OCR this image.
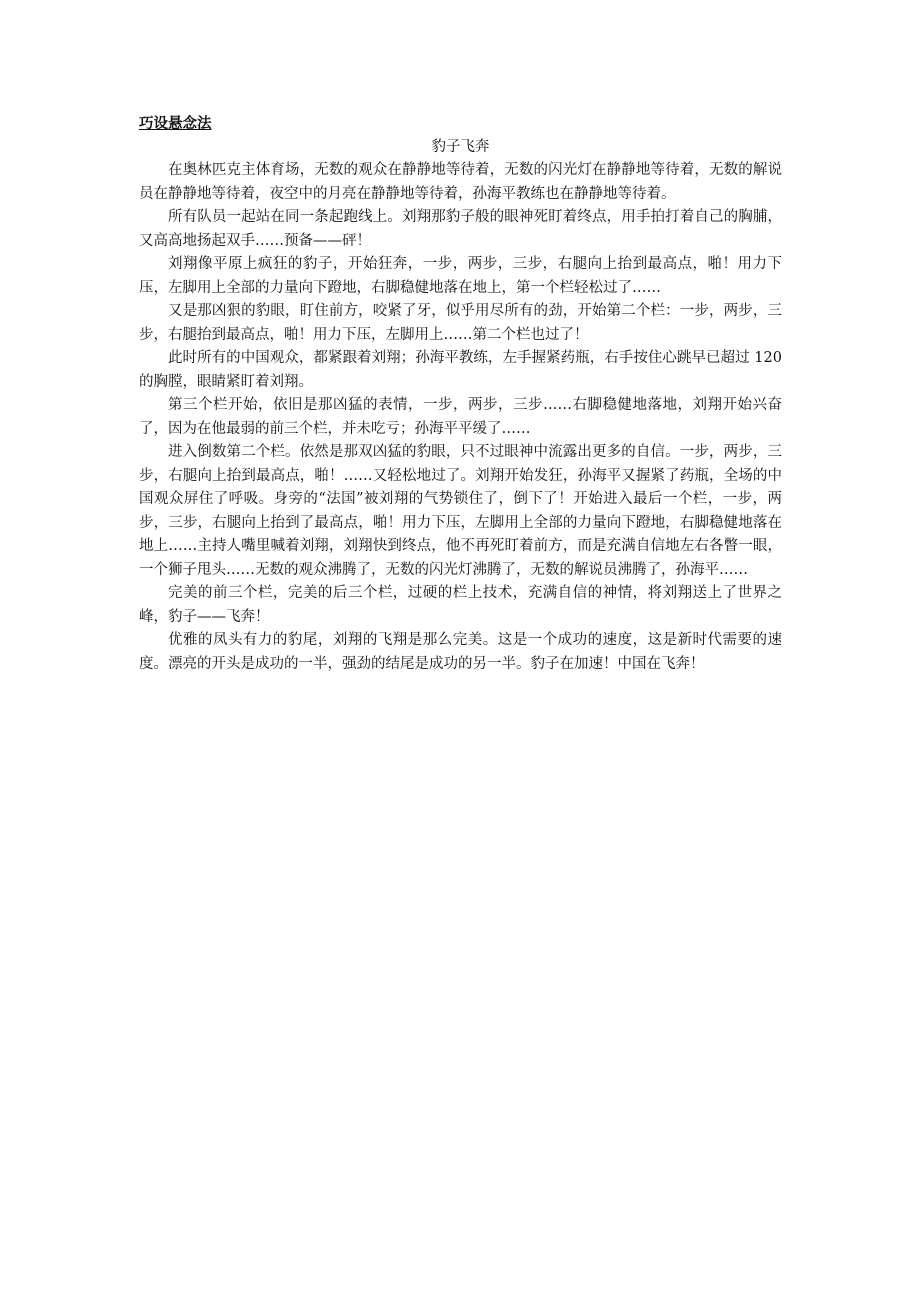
巧设悬念法

豹子飞奔

在奥林匹克主体育场，无数的观众在静静地等待着，无数的闪光灯在静静地等待着，无数的解说员在静静地等待着，夜空中的月亮在静静地等待着，孙海平教练也在静静地等待着。

所有队员一起站在同一条起跑线上。刘翔那豹子般的眼神死盯着终点，用手拍打着自己的胸脯，又高高地扬起双手……预备——砰！

刘翔像平原上疯狂的豹子，开始狂奔，一步，两步，三步，右腿向上抬到最高点，啪！用力下压，左脚用上全部的力量向下蹬地，右脚稳健地落在地上，第一个栏轻松过了……

又是那凶狠的豹眼，盯住前方，咬紧了牙，似乎用尽所有的劲，开始第二个栏：一步，两步，三步，右腿抬到最高点，啪！用力下压，左脚用上……第二个栏也过了！

此时所有的中国观众，都紧跟着刘翔；孙海平教练，左手握紧药瓶，右手按住心跳早已超过 120 的胸膛，眼睛紧盯着刘翔。

第三个栏开始，依旧是那凶猛的表情，一步，两步，三步……右脚稳健地落地，刘翔开始兴奋了，因为在他最弱的前三个栏，并未吃亏；孙海平平缓了……

进入倒数第二个栏。依然是那双凶猛的豹眼，只不过眼神中流露出更多的自信。一步，两步，三步，右腿向上抬到最高点，啪！……又轻松地过了。刘翔开始发狂，孙海平又握紧了药瓶，全场的中国观众屏住了呼吸。身旁的“法国”被刘翔的气势锁住了，倒下了！开始进入最后一个栏，一步，两步，三步，右腿向上抬到了最高点，啪！用力下压，左脚用上全部的力量向下蹬地，右脚稳健地落在地上……主持人嘴里喊着刘翔，刘翔快到终点，他不再死盯着前方，而是充满自信地左右各瞥一眼，一个狮子甩头……无数的观众沸腾了，无数的闪光灯沸腾了，无数的解说员沸腾了，孙海平……

完美的前三个栏，完美的后三个栏，过硬的栏上技术，充满自信的神情，将刘翔送上了世界之峰，豹子——飞奔！

优雅的凤头有力的豹尾，刘翔的飞翔是那么完美。这是一个成功的速度，这是新时代需要的速度。漂亮的开头是成功的一半，强劲的结尾是成功的另一半。豹子在加速！中国在飞奔！
